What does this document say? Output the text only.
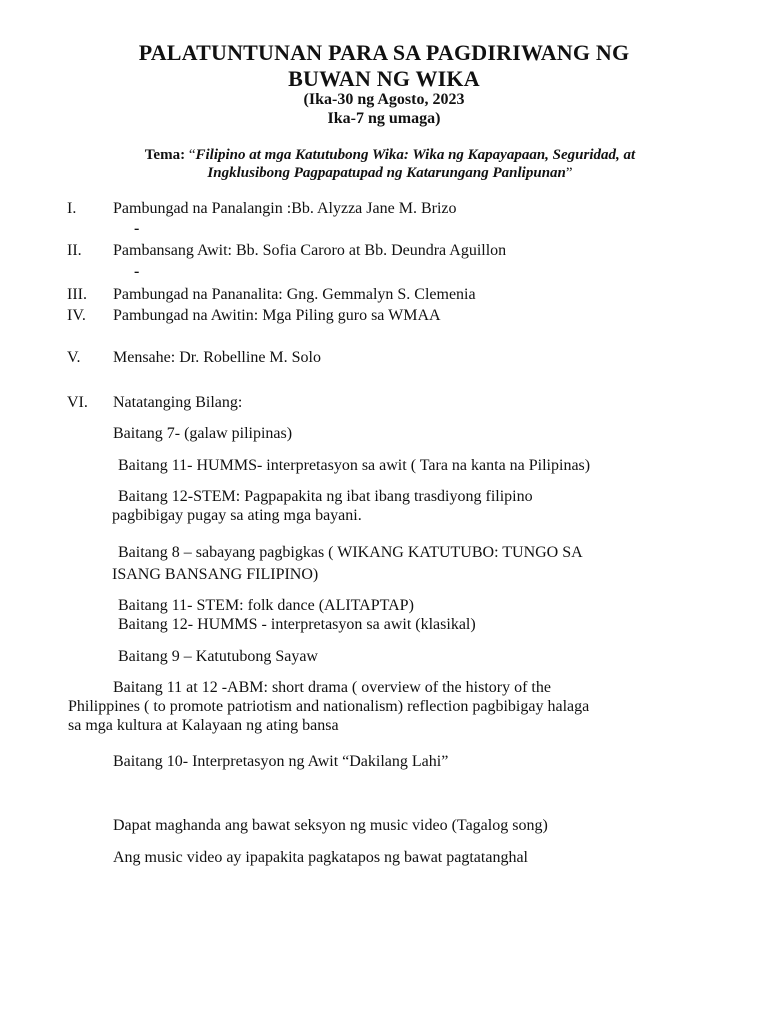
PALATUNTUNAN PARA SA PAGDIRIWANG NG
BUWAN NG WIKA
(Ika-30 ng Agosto, 2023
Ika-7 ng umaga)
Tema: “Filipino at mga Katutubong Wika: Wika ng Kapayapaan, Seguridad, at
Ingklusibong Pagpapatupad ng Katarungang Panlipunan”
I. Pambungad na Panalangin :Bb. Alyzza Jane M. Brizo
-
II. Pambansang Awit: Bb. Sofia Caroro at Bb. Deundra Aguillon
-
III. Pambungad na Pananalita: Gng. Gemmalyn S. Clemenia
IV. Pambungad na Awitin: Mga Piling guro sa WMAA
V. Mensahe: Dr. Robelline M. Solo
VI. Natatanging Bilang:
Baitang 7- (galaw pilipinas)
Baitang 11- HUMMS- interpretasyon sa awit ( Tara na kanta na Pilipinas)
Baitang 12-STEM: Pagpapakita ng ibat ibang trasdiyong filipino
pagbibigay pugay sa ating mga bayani.
Baitang 8 – sabayang pagbigkas ( WIKANG KATUTUBO: TUNGO SA
ISANG BANSANG FILIPINO)
Baitang 11- STEM: folk dance (ALITAPTAP)
Baitang 12- HUMMS - interpretasyon sa awit (klasikal)
Baitang 9 – Katutubong Sayaw
Baitang 11 at 12 -ABM: short drama ( overview of the history of the
Philippines ( to promote patriotism and nationalism) reflection pagbibigay halaga
sa mga kultura at Kalayaan ng ating bansa
Baitang 10- Interpretasyon ng Awit “Dakilang Lahi”
Dapat maghanda ang bawat seksyon ng music video (Tagalog song)
Ang music video ay ipapakita pagkatapos ng bawat pagtatanghal
